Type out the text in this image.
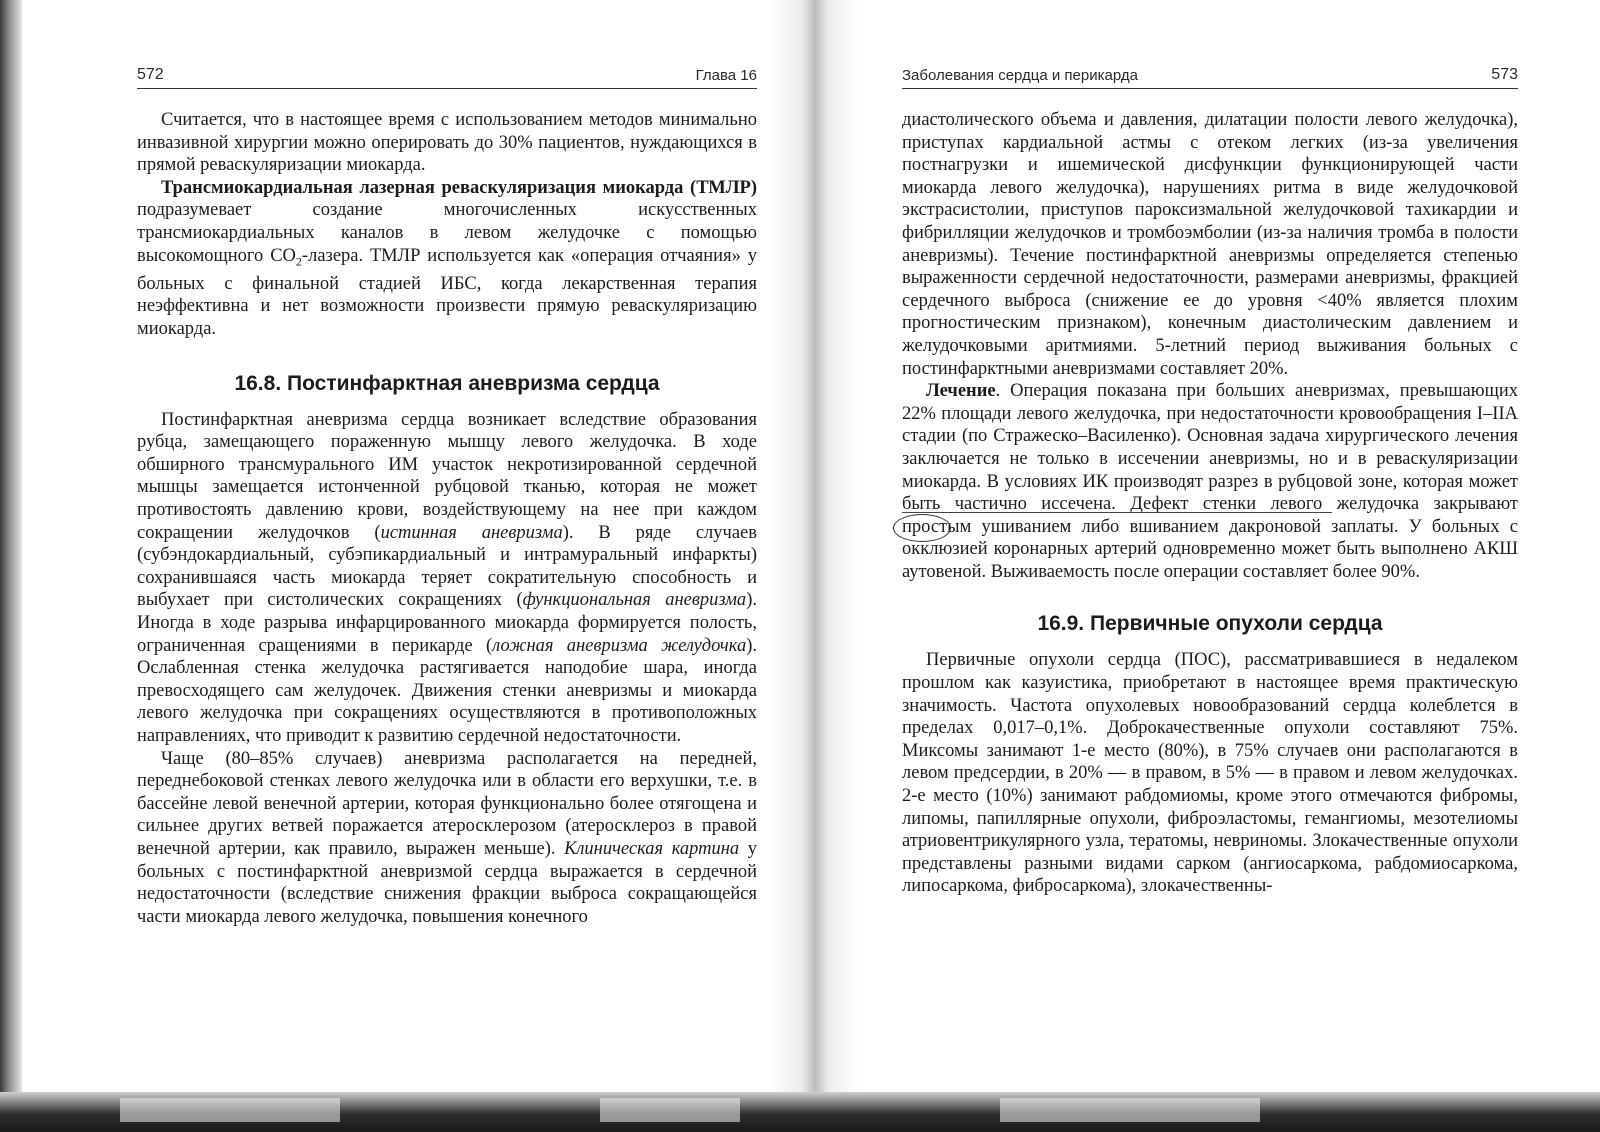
572	Глава 16

Считается, что в настоящее время с использованием методов минимально инвазивной хирургии можно оперировать до 30% пациентов, нуждающихся в прямой реваскуляризации миокарда.

Трансмиокардиальная лазерная реваскуляризация миокарда (ТМЛР) подразумевает создание многочисленных искусственных трансмиокардиальных каналов в левом желудочке с помощью высокомощного $СО_2$-лазера. ТМЛР используется как «операция отчаяния» у больных с финальной стадией ИБС, когда лекарственная терапия неэффективна и нет возможности произвести прямую реваскуляризацию миокарда.

16.8. Постинфарктная аневризма сердца

Постинфарктная аневризма сердца возникает вследствие образования рубца, замещающего пораженную мышцу левого желудочка. В ходе обширного трансмурального ИМ участок некротизированной сердечной мышцы замещается истонченной рубцовой тканью, которая не может противостоять давлению крови, воздействующему на нее при каждом сокращении желудочков (истинная аневризма). В ряде случаев (субэндокардиальный, субэпикардиальный и интрамуральный инфаркты) сохранившаяся часть миокарда теряет сократительную способность и выбухает при систолических сокращениях (функциональная аневризма). Иногда в ходе разрыва инфарцированного миокарда формируется полость, ограниченная сращениями в перикарде (ложная аневризма желудочка). Ослабленная стенка желудочка растягивается наподобие шара, иногда превосходящего сам желудочек. Движения стенки аневризмы и миокарда левого желудочка при сокращениях осуществляются в противоположных направлениях, что приводит к развитию сердечной недостаточности.

Чаще (80–85% случаев) аневризма располагается на передней, переднебоковой стенках левого желудочка или в области его верхушки, т.е. в бассейне левой венечной артерии, которая функционально более отягощена и сильнее других ветвей поражается атеросклерозом (атеросклероз в правой венечной артерии, как правило, выражен меньше). Клиническая картина у больных с постинфарктной аневризмой сердца выражается в сердечной недостаточности (вследствие снижения фракции выброса сокращающейся части миокарда левого желудочка, повышения конечного

Заболевания сердца и перикарда	573

диастолического объема и давления, дилатации полости левого желудочка), приступах кардиальной астмы с отеком легких (из-за увеличения постнагрузки и ишемической дисфункции функционирующей части миокарда левого желудочка), нарушениях ритма в виде желудочковой экстрасистолии, приступов пароксизмальной желудочковой тахикардии и фибрилляции желудочков и тромбоэмболии (из-за наличия тромба в полости аневризмы). Течение постинфарктной аневризмы определяется степенью выраженности сердечной недостаточности, размерами аневризмы, фракцией сердечного выброса (снижение ее до уровня <40% является плохим прогностическим признаком), конечным диастолическим давлением и желудочковыми аритмиями. 5-летний период выживания больных с постинфарктными аневризмами составляет 20%.

Лечение. Операция показана при больших аневризмах, превышающих 22% площади левого желудочка, при недостаточности кровообращения I–IIА стадии (по Стражеско–Василенко). Основная задача хирургического лечения заключается не только в иссечении аневризмы, но и в реваскуляризации миокарда. В условиях ИК производят разрез в рубцовой зоне, которая может быть частично иссечена. Дефект стенки левого желудочка закрывают простым ушиванием либо вшиванием дакроновой заплаты. У больных с окклюзией коронарных артерий одновременно может быть выполнено АКШ аутовеной. Выживаемость после операции составляет более 90%.

16.9. Первичные опухоли сердца

Первичные опухоли сердца (ПОС), рассматривавшиеся в недалеком прошлом как казуистика, приобретают в настоящее время практическую значимость. Частота опухолевых новообразований сердца колеблется в пределах 0,017–0,1%. Доброкачественные опухоли составляют 75%. Миксомы занимают 1-е место (80%), в 75% случаев они располагаются в левом предсердии, в 20% — в правом, в 5% — в правом и левом желудочках. 2-е место (10%) занимают рабдомиомы, кроме этого отмечаются фибромы, липомы, папиллярные опухоли, фиброэластомы, гемангиомы, мезотелиомы атриовентрикулярного узла, тератомы, невриномы. Злокачественные опухоли представлены разными видами сарком (ангиосаркома, рабдомиосаркома, липосаркома, фибросаркома), злокачественны-
